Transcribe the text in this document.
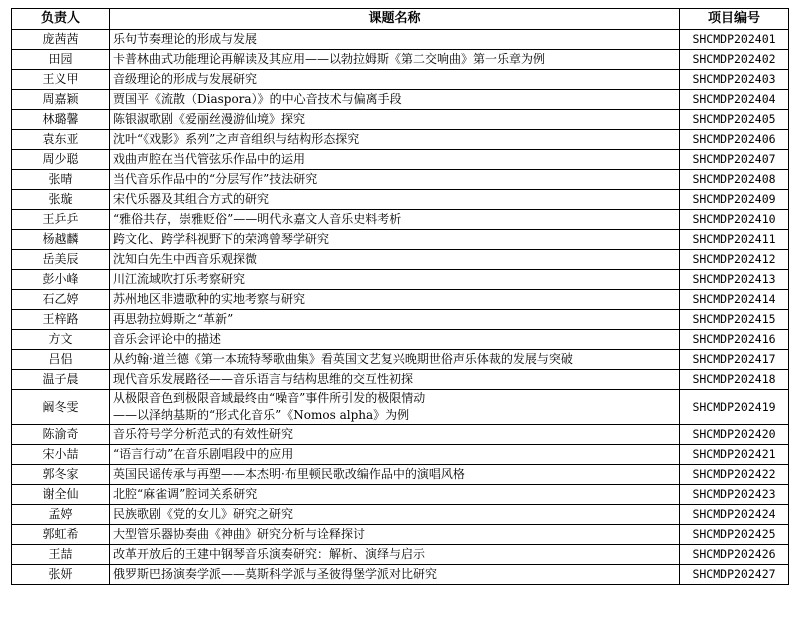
负责人	课题名称	项目编号
庞茜茜	乐句节奏理论的形成与发展	SHCMDP202401
田园	卡普林曲式功能理论再解读及其应用——以勃拉姆斯《第二交响曲》第一乐章为例	SHCMDP202402
王义甲	音级理论的形成与发展研究	SHCMDP202403
周嘉颖	贾国平《流散（Diaspora）》的中心音技术与偏离手段	SHCMDP202404
林璐馨	陈银淑歌剧《爱丽丝漫游仙境》探究	SHCMDP202405
袁东亚	沈叶“《戏影》系列”之声音组织与结构形态探究	SHCMDP202406
周少聪	戏曲声腔在当代管弦乐作品中的运用	SHCMDP202407
张晴	当代音乐作品中的“分层写作”技法研究	SHCMDP202408
张璇	宋代乐器及其组合方式的研究	SHCMDP202409
王乒乒	“雅俗共存，崇雅贬俗”——明代永嘉文人音乐史料考析	SHCMDP202410
杨越麟	跨文化、跨学科视野下的荣鸿曾琴学研究	SHCMDP202411
岳美辰	沈知白先生中西音乐观探微	SHCMDP202412
彭小峰	川江流域吹打乐考察研究	SHCMDP202413
石乙婷	苏州地区非遗歌种的实地考察与研究	SHCMDP202414
王梓路	再思勃拉姆斯之“革新”	SHCMDP202415
方文	音乐会评论中的描述	SHCMDP202416
吕侣	从约翰·道兰德《第一本琉特琴歌曲集》看英国文艺复兴晚期世俗声乐体裁的发展与突破	SHCMDP202417
温子晨	现代音乐发展路径——音乐语言与结构思维的交互性初探	SHCMDP202418
阚冬雯	从极限音色到极限音域最终由“噪音”事件所引发的极限情动
——以泽纳基斯的“形式化音乐”《Nomos alpha》为例	SHCMDP202419
陈渝奇	音乐符号学分析范式的有效性研究	SHCMDP202420
宋小喆	“语言行动”在音乐剧唱段中的应用	SHCMDP202421
郭冬家	英国民谣传承与再塑——本杰明·布里顿民歌改编作品中的演唱风格	SHCMDP202422
谢全仙	北腔“麻雀调”腔词关系研究	SHCMDP202423
孟婷	民族歌剧《党的女儿》研究之研究	SHCMDP202424
郭虹希	大型管乐器协奏曲《神曲》研究分析与诠释探讨	SHCMDP202425
王喆	改革开放后的王建中钢琴音乐演奏研究：解析、演绎与启示	SHCMDP202426
张妍	俄罗斯巴扬演奏学派——莫斯科学派与圣彼得堡学派对比研究	SHCMDP202427
